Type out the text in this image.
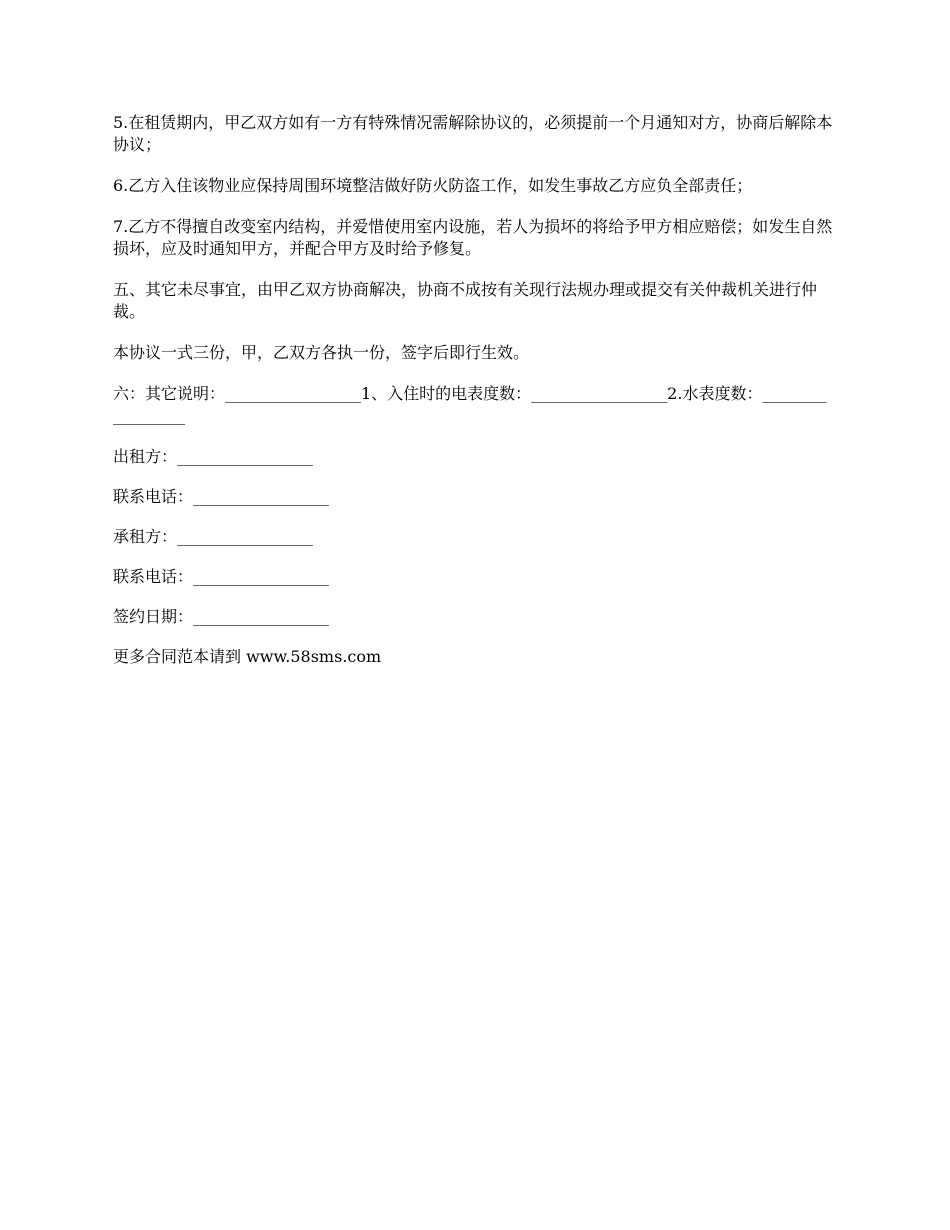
5.在租赁期内，甲乙双方如有一方有特殊情况需解除协议的，必须提前一个月通知对方，协商后解除本协议；

6.乙方入住该物业应保持周围环境整洁做好防火防盗工作，如发生事故乙方应负全部责任；

7.乙方不得擅自改变室内结构，并爱惜使用室内设施，若人为损坏的将给予甲方相应赔偿；如发生自然损坏，应及时通知甲方，并配合甲方及时给予修复。

五、其它未尽事宜，由甲乙双方协商解决，协商不成按有关现行法规办理或提交有关仲裁机关进行仲裁。

本协议一式三份，甲，乙双方各执一份，签字后即行生效。

六：其它说明：_________________1、入住时的电表度数：_________________2.水表度数：_________________

出租方：_________________

联系电话：_________________

承租方：_________________

联系电话：_________________

签约日期：_________________

更多合同范本请到 www.58sms.com
